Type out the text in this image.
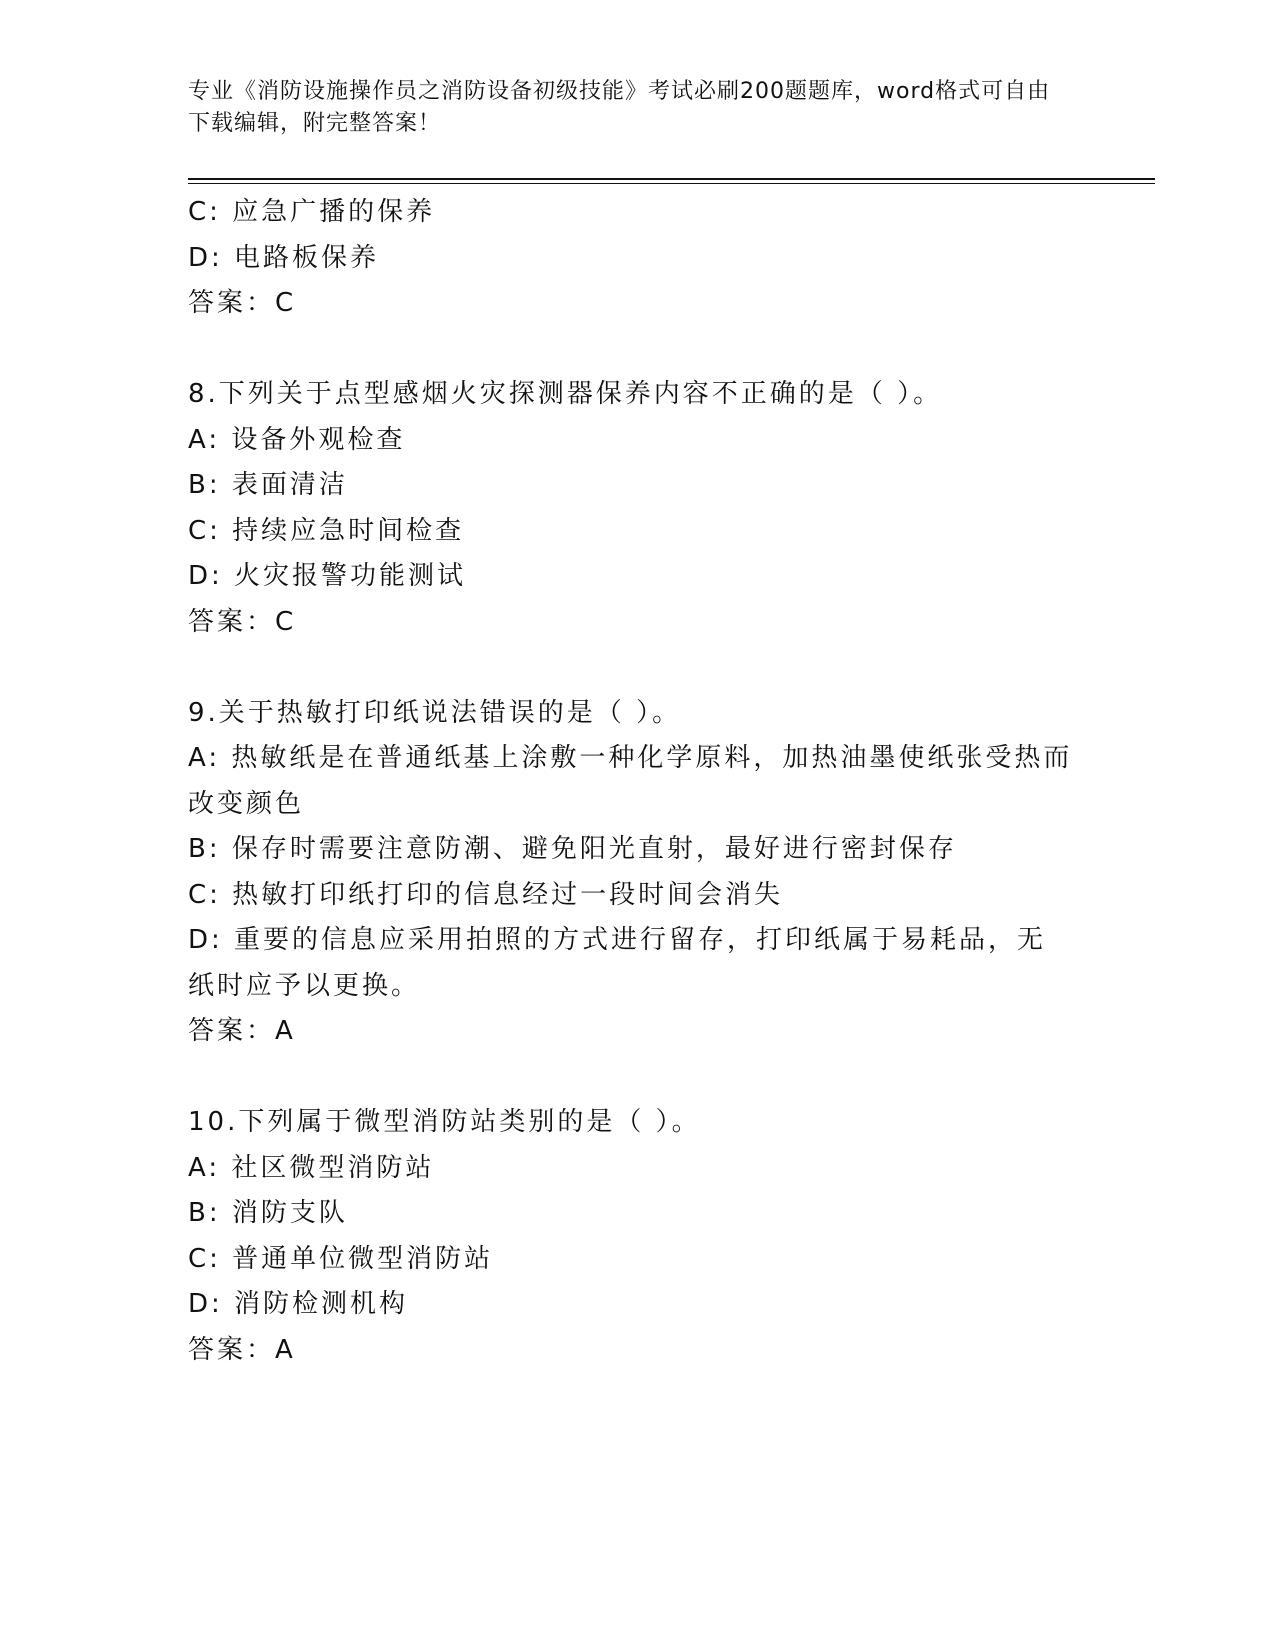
专业《消防设施操作员之消防设备初级技能》考试必刷200题题库，word格式可自由下载编辑，附完整答案！
C: 应急广播的保养
D: 电路板保养
答案：C
8.下列关于点型感烟火灾探测器保养内容不正确的是（ ）。
A: 设备外观检查
B: 表面清洁
C: 持续应急时间检查
D: 火灾报警功能测试
答案：C
9.关于热敏打印纸说法错误的是（ ）。
A: 热敏纸是在普通纸基上涂敷一种化学原料，加热油墨使纸张受热而改变颜色
B: 保存时需要注意防潮、避免阳光直射，最好进行密封保存
C: 热敏打印纸打印的信息经过一段时间会消失
D: 重要的信息应采用拍照的方式进行留存，打印纸属于易耗品，无纸时应予以更换。
答案：A
10.下列属于微型消防站类别的是（ ）。
A: 社区微型消防站
B: 消防支队
C: 普通单位微型消防站
D: 消防检测机构
答案：A
